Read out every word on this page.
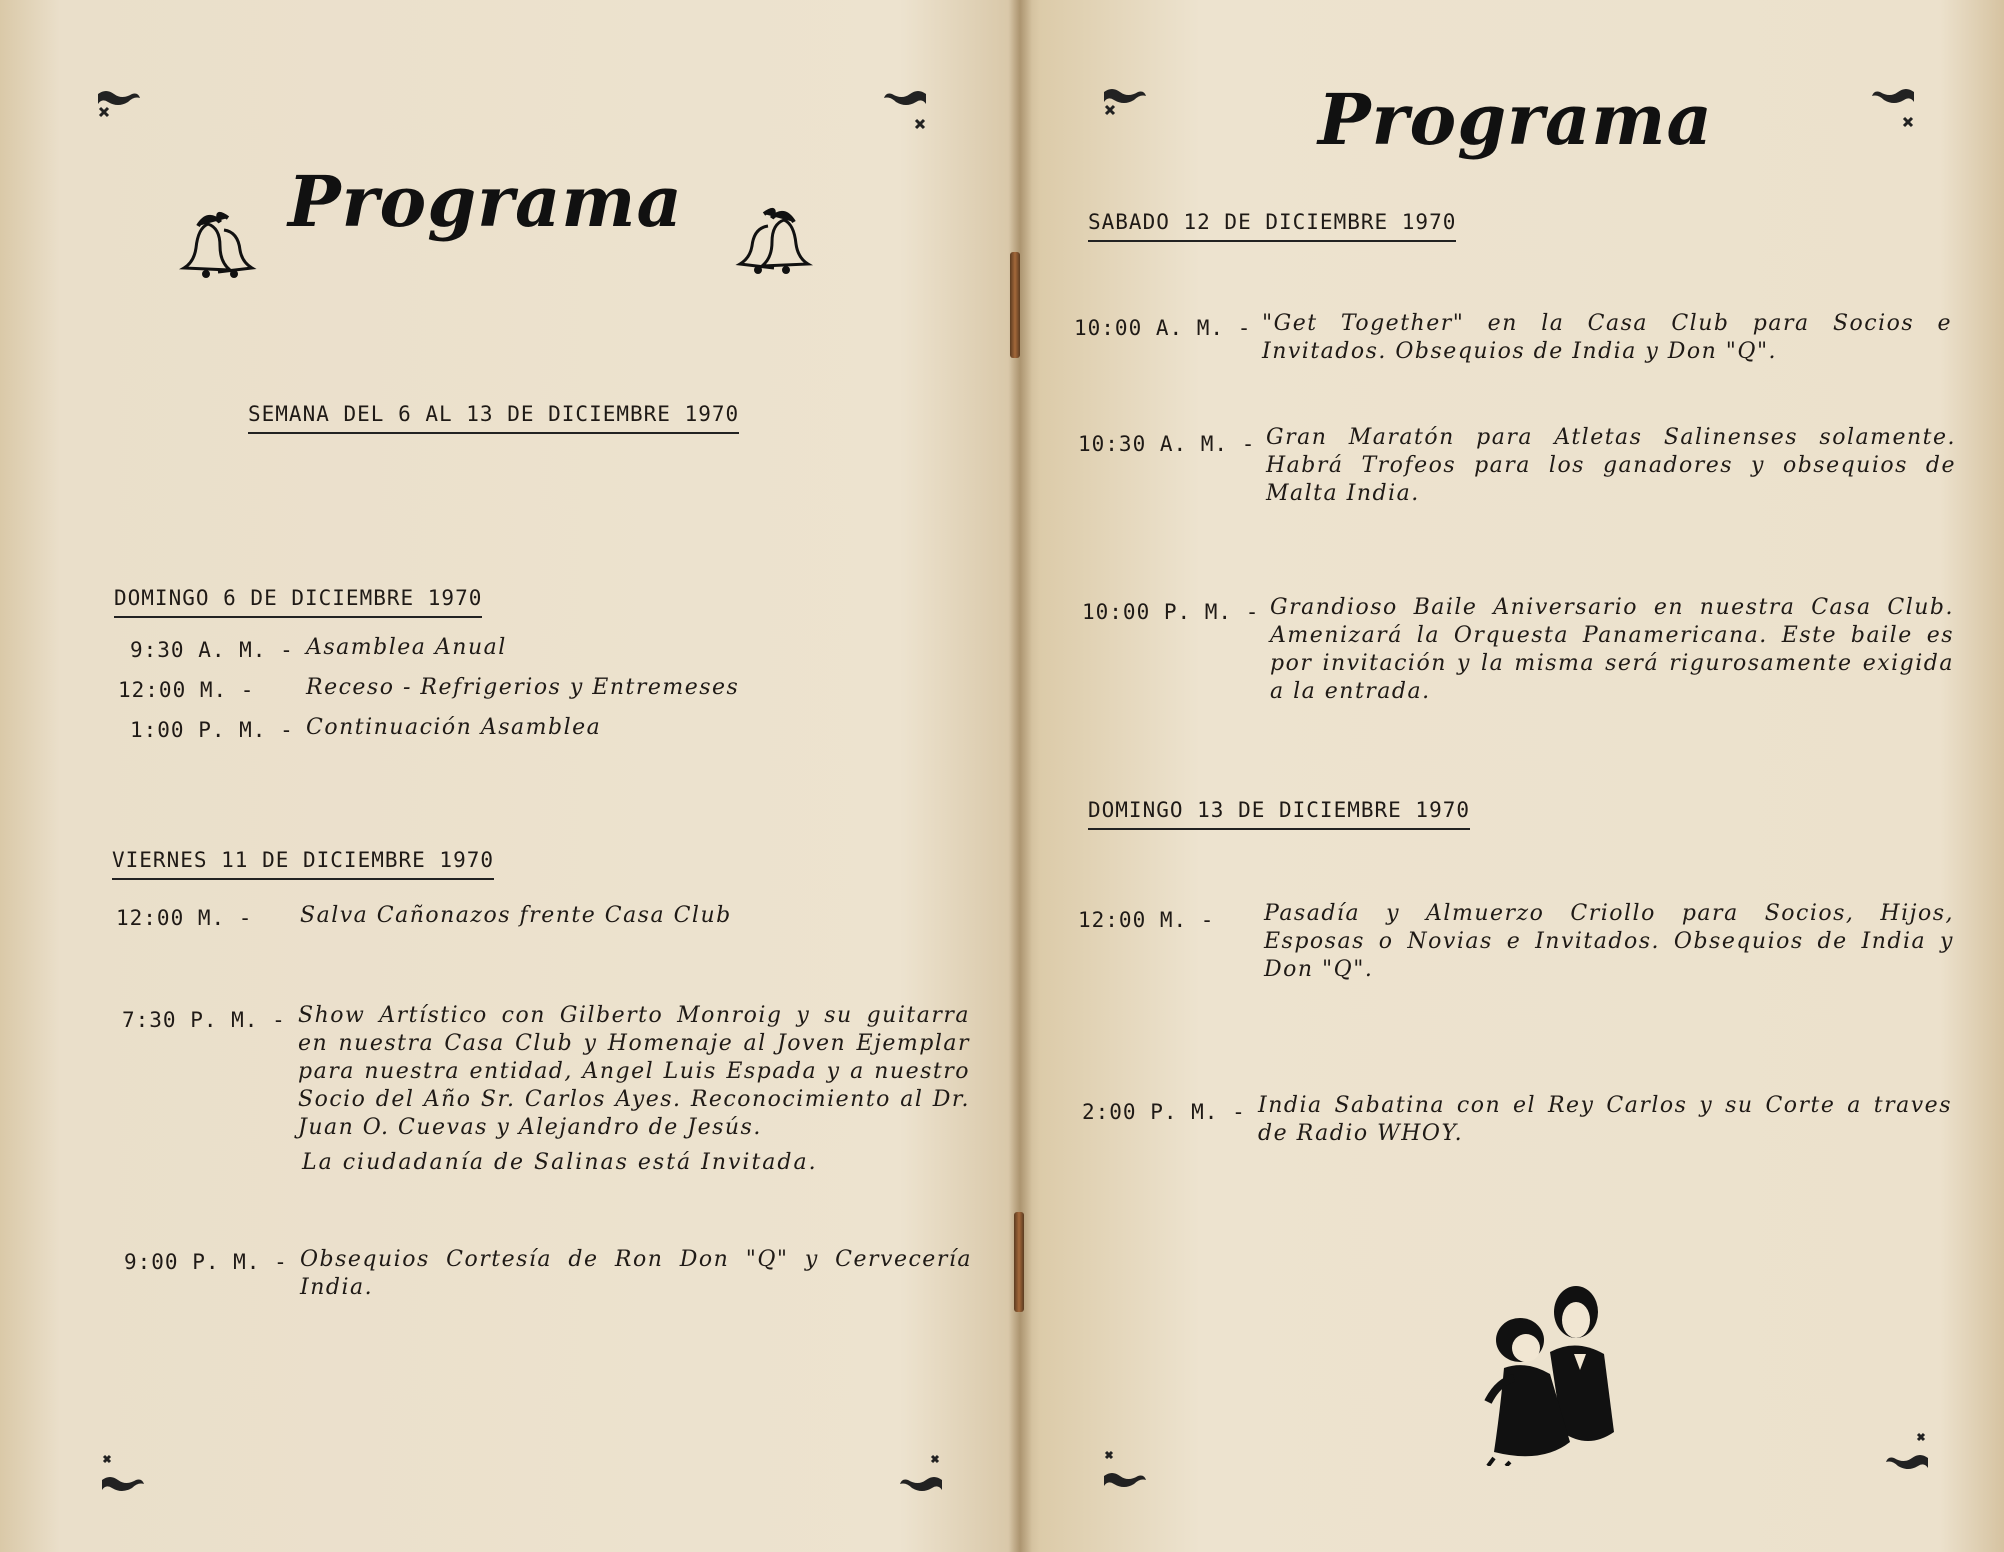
Programa
SEMANA DEL 6 AL 13 DE DICIEMBRE 1970
DOMINGO 6 DE DICIEMBRE 1970
9:30 A. M. - Asamblea Anual
12:00 M. - Receso - Refrigerios y Entremeses
1:00 P. M. - Continuación Asamblea
VIERNES 11 DE DICIEMBRE 1970
12:00 M. - Salva Cañonazos frente Casa Club
7:30 P. M. - Show Artístico con Gilberto Monroig y su guitarra en nuestra Casa Club y Homenaje al Joven Ejemplar para nuestra entidad, Angel Luis Espada y a nuestro Socio del Año Sr. Carlos Ayes. Reconocimiento al Dr. Juan O. Cuevas y Alejandro de Jesús.
La ciudadanía de Salinas está Invitada.
9:00 P. M. - Obsequios Cortesía de Ron Don "Q" y Cervecería India.
Programa
SABADO 12 DE DICIEMBRE 1970
10:00 A. M. - "Get Together" en la Casa Club para Socios e Invitados. Obsequios de India y Don "Q".
10:30 A. M. - Gran Maratón para Atletas Salinenses solamente. Habrá Trofeos para los ganadores y obsequios de Malta India.
10:00 P. M. - Grandioso Baile Aniversario en nuestra Casa Club. Amenizará la Orquesta Panamericana. Este baile es por invitación y la misma será rigurosamente exigida a la entrada.
DOMINGO 13 DE DICIEMBRE 1970
12:00 M. - Pasadía y Almuerzo Criollo para Socios, Hijos, Esposas o Novias e Invitados. Obsequios de India y Don "Q".
2:00 P. M. - India Sabatina con el Rey Carlos y su Corte a traves de Radio WHOY.
